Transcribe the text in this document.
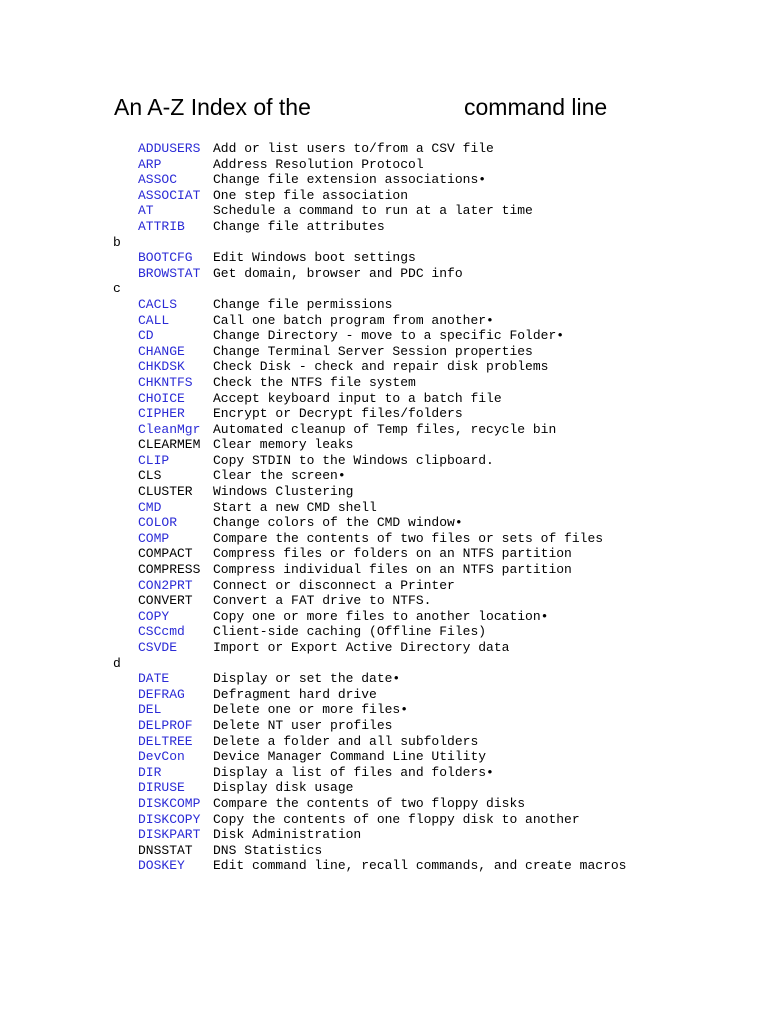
An A-Z Index of the	command line
ADDUSERS Add or list users to/from a CSV file
ARP	Address Resolution Protocol
ASSOC	Change file extension associations•
ASSOCIAT One step file association
AT	Schedule a command to run at a later time
ATTRIB Change file attributes
b
BOOTCFG Edit Windows boot settings
BROWSTAT Get domain, browser and PDC info
c
CACLS	Change file permissions
CALL	Call one batch program from another•
CD	Change Directory - move to a specific Folder•
CHANGE Change Terminal Server Session properties
CHKDSK Check Disk - check and repair disk problems
CHKNTFS Check the NTFS file system
CHOICE Accept keyboard input to a batch file
CIPHER Encrypt or Decrypt files/folders
CleanMgr Automated cleanup of Temp files, recycle bin
CLEARMEM Clear memory leaks
CLIP	Copy STDIN to the Windows clipboard.
CLS	Clear the screen•
CLUSTER Windows Clustering
CMD	Start a new CMD shell
COLOR	Change colors of the CMD window•
COMP	Compare the contents of two files or sets of files
COMPACT Compress files or folders on an NTFS partition
COMPRESS Compress individual files on an NTFS partition
CON2PRT Connect or disconnect a Printer
CONVERT Convert a FAT drive to NTFS.
COPY	Copy one or more files to another location•
CSCcmd Client-side caching (Offline Files)
CSVDE	Import or Export Active Directory data
d
DATE	Display or set the date•
DEFRAG Defragment hard drive
DEL	Delete one or more files•
DELPROF Delete NT user profiles
DELTREE Delete a folder and all subfolders
DevCon Device Manager Command Line Utility
DIR	Display a list of files and folders•
DIRUSE Display disk usage
DISKCOMP Compare the contents of two floppy disks
DISKCOPY Copy the contents of one floppy disk to another
DISKPART Disk Administration
DNSSTAT DNS Statistics
DOSKEY Edit command line, recall commands, and create macros
